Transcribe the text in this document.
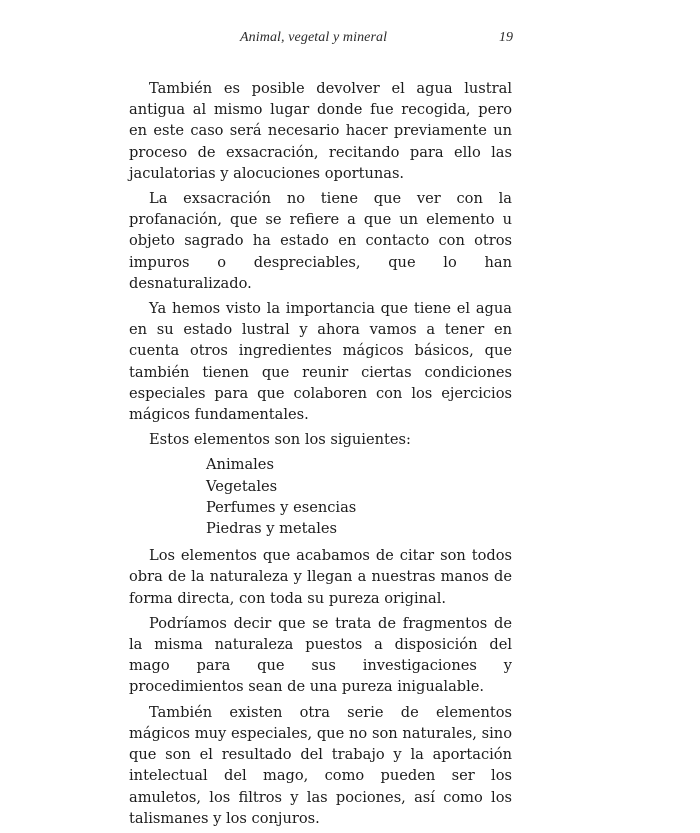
Animal, vegetal y mineral	19

También es posible devolver el agua lustral antigua al mismo lugar donde fue recogida, pero en este caso será necesario hacer previamente un proceso de exsacración, recitando para ello las jaculatorias y alocuciones oportunas.

La exsacración no tiene que ver con la profanación, que se refiere a que un elemento u objeto sagrado ha estado en contacto con otros impuros o despreciables, que lo han desnaturalizado.

Ya hemos visto la importancia que tiene el agua en su estado lustral y ahora vamos a tener en cuenta otros ingredientes mágicos básicos, que también tienen que reunir ciertas condiciones especiales para que colaboren con los ejercicios mágicos fundamentales.

Estos elementos son los siguientes:

Animales
Vegetales
Perfumes y esencias
Piedras y metales

Los elementos que acabamos de citar son todos obra de la naturaleza y llegan a nuestras manos de forma directa, con toda su pureza original.

Podríamos decir que se trata de fragmentos de la misma naturaleza puestos a disposición del mago para que sus investigaciones y procedimientos sean de una pureza inigualable.

También existen otra serie de elementos mágicos muy especiales, que no son naturales, sino que son el resultado del trabajo y la aportación intelectual del mago, como pueden ser los amuletos, los filtros y las pociones, así como los talismanes y los conjuros.
